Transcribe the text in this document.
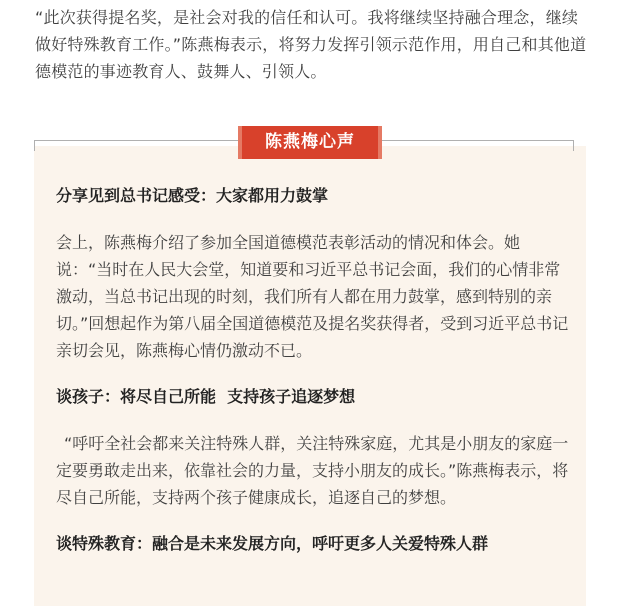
“此次获得提名奖，是社会对我的信任和认可。我将继续坚持融合理念，继续做好特殊教育工作。”陈燕梅表示，将努力发挥引领示范作用，用自己和其他道德模范的事迹教育人、鼓舞人、引领人。

陈燕梅心声
分享见到总书记感受：大家都用力鼓掌

会上，陈燕梅介绍了参加全国道德模范表彰活动的情况和体会。她说：“当时在人民大会堂，知道要和习近平总书记会面，我们的心情非常激动，当总书记出现的时刻，我们所有人都在用力鼓掌，感到特别的亲切。”回想起作为第八届全国道德模范及提名奖获得者，受到习近平总书记亲切会见，陈燕梅心情仍激动不已。

谈孩子：将尽自己所能  支持孩子追逐梦想

“呼吁全社会都来关注特殊人群，关注特殊家庭，尤其是小朋友的家庭一定要勇敢走出来，依靠社会的力量，支持小朋友的成长。”陈燕梅表示，将尽自己所能，支持两个孩子健康成长，追逐自己的梦想。

谈特殊教育：融合是未来发展方向，呼吁更多人关爱特殊人群
